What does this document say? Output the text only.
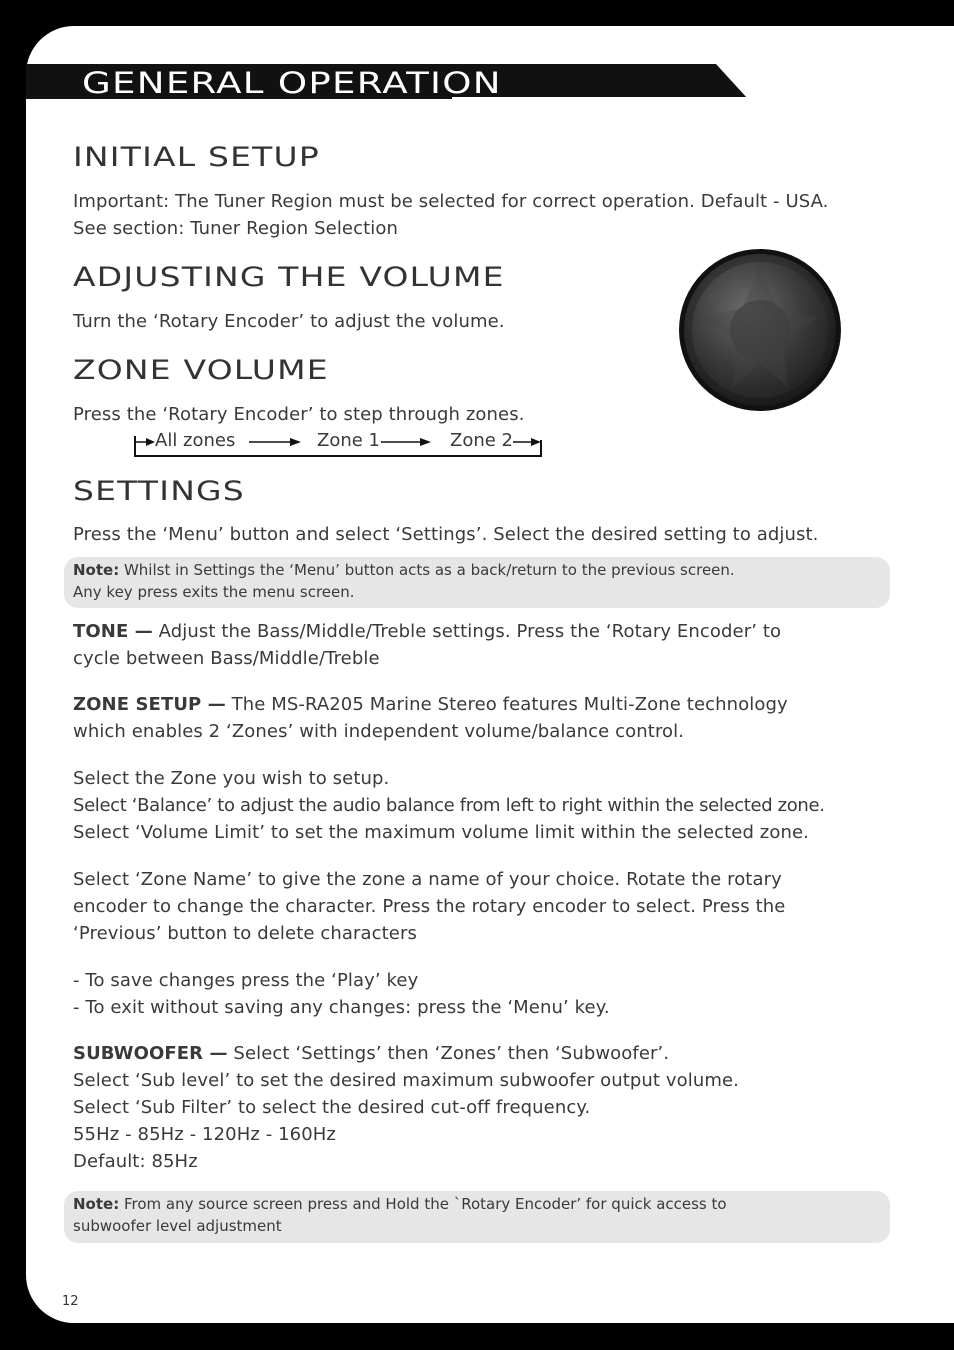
GENERAL OPERATION
INITIAL SETUP
Important: The Tuner Region must be selected for correct operation. Default - USA.
See section: Tuner Region Selection
ADJUSTING THE VOLUME
Turn the ‘Rotary Encoder’ to adjust the volume.
ZONE VOLUME
Press the ‘Rotary Encoder’ to step through zones.
All zones	Zone 1	Zone 2
SETTINGS
Press the ‘Menu’ button and select ‘Settings’. Select the desired setting to adjust.
Note: Whilst in Settings the ‘Menu’ button acts as a back/return to the previous screen.
Any key press exits the menu screen.
TONE — Adjust the Bass/Middle/Treble settings. Press the ‘Rotary Encoder’ to
cycle between Bass/Middle/Treble
ZONE SETUP — The MS-RA205 Marine Stereo features Multi-Zone technology
which enables 2 ‘Zones’ with independent volume/balance control.
Select the Zone you wish to setup.
Select ‘Balance’ to adjust the audio balance from left to right within the selected zone.
Select ‘Volume Limit’ to set the maximum volume limit within the selected zone.
Select ‘Zone Name’ to give the zone a name of your choice. Rotate the rotary
encoder to change the character. Press the rotary encoder to select. Press the
‘Previous’ button to delete characters
- To save changes press the ‘Play’ key
- To exit without saving any changes: press the ‘Menu’ key.
SUBWOOFER — Select ‘Settings’ then ‘Zones’ then ‘Subwoofer’.
Select ‘Sub level’ to set the desired maximum subwoofer output volume.
Select ‘Sub Filter’ to select the desired cut-off frequency.
55Hz - 85Hz - 120Hz - 160Hz
Default: 85Hz
Note: From any source screen press and Hold the `Rotary Encoder’ for quick access to
subwoofer level adjustment
12
